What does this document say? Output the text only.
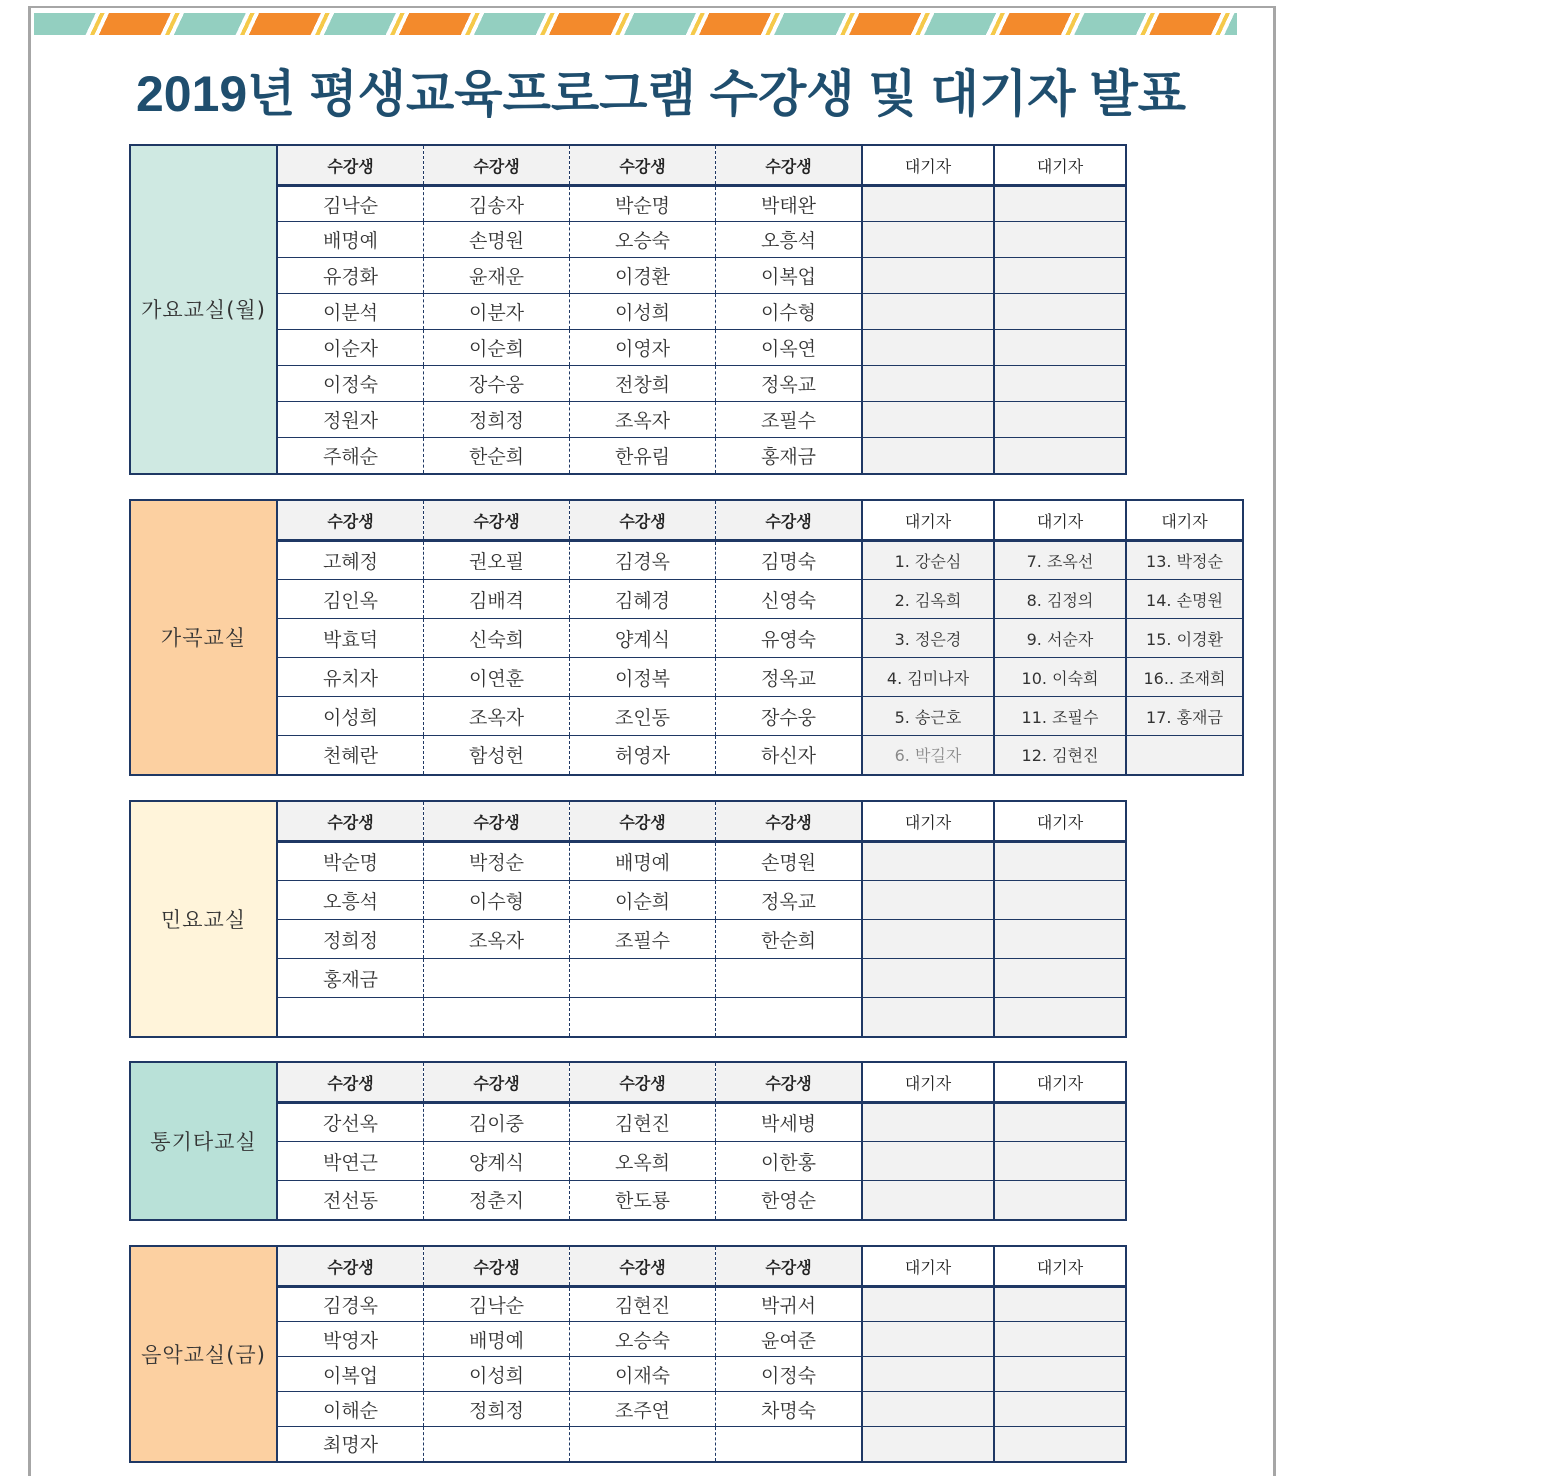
2019년 평생교육프로그램 수강생 및 대기자 발표
가요교실(월)	수강생	수강생	수강생	수강생	대기자	대기자
	김낙순	김송자	박순명	박태완		
	배명예	손명원	오승숙	오흥석		
	유경화	윤재운	이경환	이복업		
	이분석	이분자	이성희	이수형		
	이순자	이순희	이영자	이옥연		
	이정숙	장수웅	전창희	정옥교		
	정원자	정희정	조옥자	조필수		
	주해순	한순희	한유림	홍재금		
가곡교실	수강생	수강생	수강생	수강생	대기자	대기자	대기자
	고혜정	권오필	김경옥	김명숙	1. 강순심	7. 조옥선	13. 박정순
	김인옥	김배격	김혜경	신영숙	2. 김옥희	8. 김정의	14. 손명원
	박효덕	신숙희	양계식	유영숙	3. 정은경	9. 서순자	15. 이경환
	유치자	이연훈	이정복	정옥교	4. 김미나자	10. 이숙희	16.. 조재희
	이성희	조옥자	조인동	장수웅	5. 송근호	11. 조필수	17. 홍재금
	천혜란	함성헌	허영자	하신자	6. 박길자	12. 김현진	
민요교실	수강생	수강생	수강생	수강생	대기자	대기자
	박순명	박정순	배명예	손명원		
	오흥석	이수형	이순희	정옥교		
	정희정	조옥자	조필수	한순희		
	홍재금					

통기타교실	수강생	수강생	수강생	수강생	대기자	대기자
	강선옥	김이중	김현진	박세병		
	박연근	양계식	오옥희	이한홍		
	전선동	정춘지	한도룡	한영순		
음악교실(금)	수강생	수강생	수강생	수강생	대기자	대기자
	김경옥	김낙순	김현진	박귀서		
	박영자	배명예	오승숙	윤여준		
	이복업	이성희	이재숙	이정숙		
	이해순	정희정	조주연	차명숙		
	최명자					
